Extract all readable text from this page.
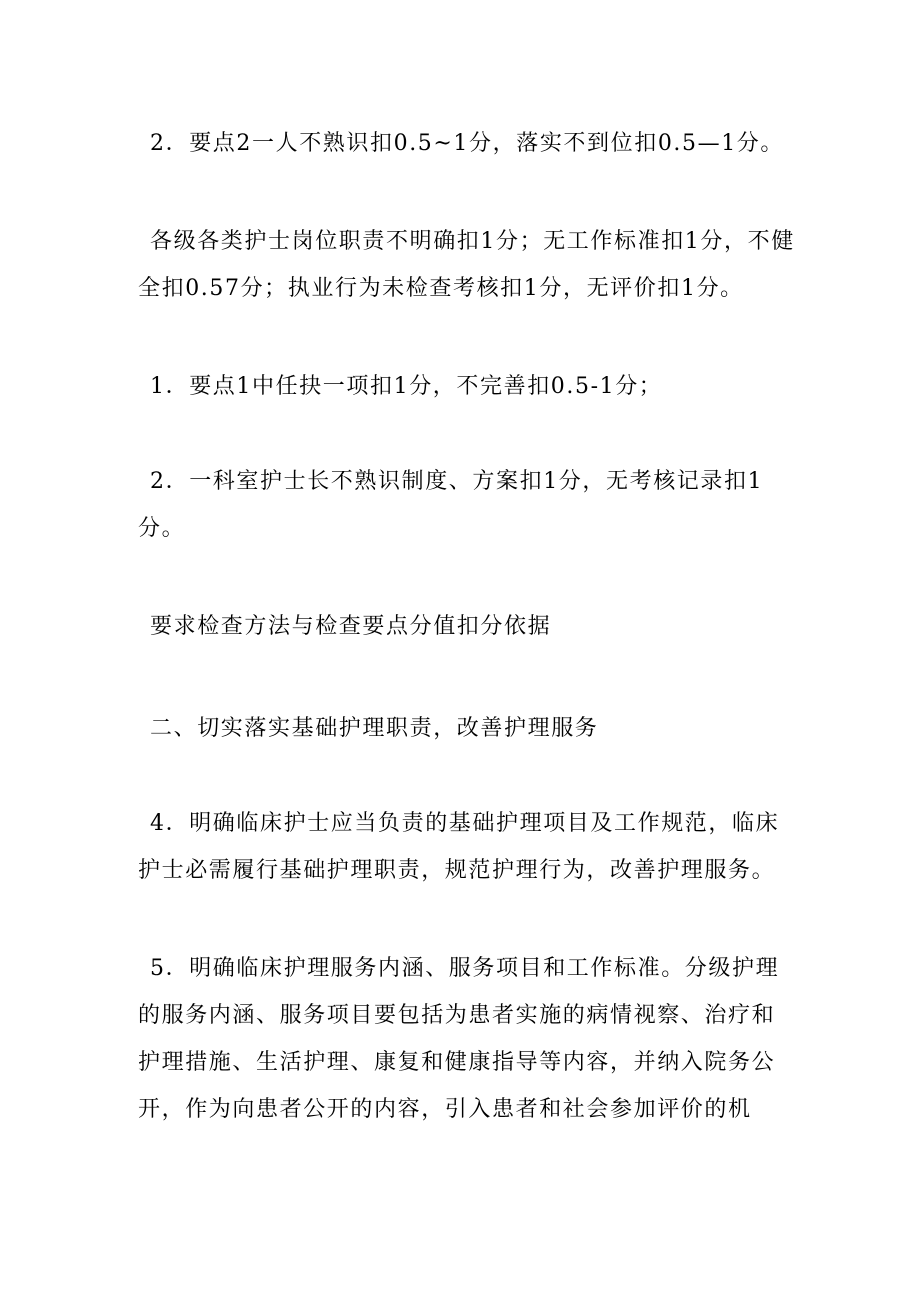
2．要点2一人不熟识扣0.5~1分，落实不到位扣0.5—1分。

各级各类护士岗位职责不明确扣1分；无工作标准扣1分，不健全扣0.57分；执业行为未检查考核扣1分，无评价扣1分。

1．要点1中任抉一项扣1分，不完善扣0.5-1分；

2．一科室护士长不熟识制度、方案扣1分，无考核记录扣1
分。

要求检查方法与检查要点分值扣分依据

二、切实落实基础护理职责，改善护理服务

4．明确临床护士应当负责的基础护理项目及工作规范，临床护士必需履行基础护理职责，规范护理行为，改善护理服务。

5．明确临床护理服务内涵、服务项目和工作标准。分级护理的服务内涵、服务项目要包括为患者实施的病情视察、治疗和护理措施、生活护理、康复和健康指导等内容，并纳入院务公开，作为向患者公开的内容，引入患者和社会参加评价的机
